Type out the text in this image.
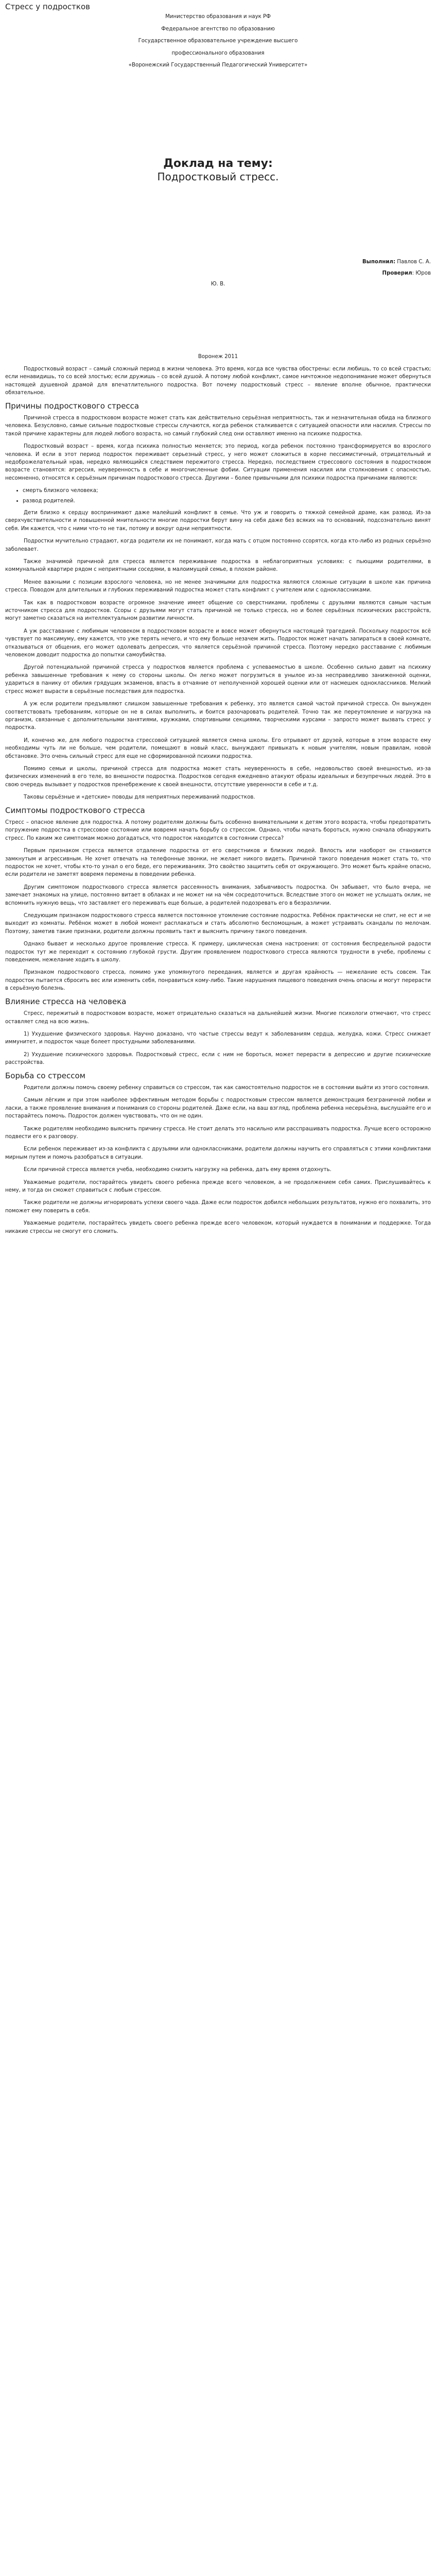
Стресс у подростков

Министерство образования и наук РФ

Федеральное агентство по образованию

Государственное образовательное учреждение высшего

профессионального образования

«Воронежский Государственный Педагогический Университет»

Доклад на тему:
Подростковый стресс.
Выполнил: Павлов С. А.
Проверил: Юров
Ю. В.
Воронеж 2011

Подростковый возраст – самый сложный период в жизни человека. Это время, когда все чувства обострены: если любишь, то со всей страстью; если ненавидишь, то со всей злостью; если дружишь – со всей душой. А потому любой конфликт, самое ничтожное недопонимание может обернуться настоящей душевной драмой для впечатлительного подростка. Вот почему подростковый стресс – явление вполне обычное, практически обязательное.

Причины подросткового стресса

Причиной стресса в подростковом возрасте может стать как действительно серьёзная неприятность, так и незначительная обида на близкого человека. Безусловно, самые сильные подростковые стрессы случаются, когда ребенок сталкивается с ситуацией опасности или насилия. Стрессы по такой причине характерны для людей любого возраста, но самый глубокий след они оставляют именно на психике подростка.

Подростковый возраст – время, когда психика полностью меняется; это период, когда ребенок постоянно трансформируется во взрослого человека. И если в этот период подросток переживает серьезный стресс, у него может сложиться в корне пессимистичный, отрицательный и недоброжелательный нрав, нередко являющийся следствием пережитого стресса. Нередко, последствием стрессового состояния в подростковом возрасте становятся: агрессия, неуверенность в себе и многочисленные фобии. Ситуации применения насилия или столкновения с опасностью, несомненно, относятся к серьёзным причинам подросткового стресса. Другими – более привычными для психики подростка причинами являются:

• смерть близкого человека;
• развод родителей.

Дети близко к сердцу воспринимают даже малейший конфликт в семье. Что уж и говорить о тяжкой семейной драме, как развод. Из-за сверхчувствительности и повышенной мнительности многие подростки берут вину на себя даже без всяких на то оснований, подсознательно винят себя. Им кажется, что с ними что-то не так, потому и вокруг одни неприятности.

Подростки мучительно страдают, когда родители их не понимают, когда мать с отцом постоянно ссорятся, когда кто-либо из родных серьёзно заболевает.

Также значимой причиной для стресса является переживание подростка в неблагоприятных условиях: с пьющими родителями, в коммунальной квартире рядом с неприятными соседями, в малоимущей семье, в плохом районе.

Менее важными с позиции взрослого человека, но не менее значимыми для подростка являются сложные ситуации в школе как причина стресса. Поводом для длительных и глубоких переживаний подростка может стать конфликт с учителем или с одноклассниками.

Так как в подростковом возрасте огромное значение имеет общение со сверстниками, проблемы с друзьями являются самым частым источником стресса для подростков. Ссоры с друзьями могут стать причиной не только стресса, но и более серьёзных психических расстройств, могут заметно сказаться на интеллектуальном развитии личности.

А уж расставание с любимым человеком в подростковом возрасте и вовсе может обернуться настоящей трагедией. Поскольку подросток всё чувствует по максимуму, ему кажется, что уже терять нечего, и что ему больше незачем жить. Подросток может начать запираться в своей комнате, отказываться от общения, его может одолевать депрессия, что является серьёзной причиной стресса. Поэтому нередко расставание с любимым человеком доводит подростка до попытки самоубийства.

Другой потенциальной причиной стресса у подростков является проблема с успеваемостью в школе. Особенно сильно давит на психику ребенка завышенные требования к нему со стороны школы. Он легко может погрузиться в унылое из-за несправедливо заниженной оценки, удариться в панику от обилия грядущих экзаменов, впасть в отчаяние от неполученной хорошей оценки или от насмешек одноклассников. Мелкий стресс может вырасти в серьёзные последствия для подростка.

А уж если родители предъявляют слишком завышенные требования к ребенку, это является самой частой причиной стресса. Он вынужден соответствовать требованиям, которые он не в силах выполнить, и боится разочаровать родителей. Точно так же переутомление и нагрузка на организм, связанные с дополнительными занятиями, кружками, спортивными секциями, творческими курсами – запросто может вызвать стресс у подростка.

И, конечно же, для любого подростка стрессовой ситуацией является смена школы. Его отрывают от друзей, которые в этом возрасте ему необходимы чуть ли не больше, чем родители, помещают в новый класс, вынуждают привыкать к новым учителям, новым правилам, новой обстановке. Это очень сильный стресс для еще не сформированной психики подростка.

Помимо семьи и школы, причиной стресса для подростка может стать неуверенность в себе, недовольство своей внешностью, из-за физических изменений в его теле, во внешности подростка. Подростков сегодня ежедневно атакуют образы идеальных и безупречных людей. Это в свою очередь вызывает у подростков пренебрежение к своей внешности, отсутствие уверенности в себе и т.д.

Таковы серьёзные и «детские» поводы для неприятных переживаний подростков.

Симптомы подросткового стресса

Стресс – опасное явление для подростка. А потому родителям должны быть особенно внимательными к детям этого возраста, чтобы предотвратить погружение подростка в стрессовое состояние или вовремя начать борьбу со стрессом. Однако, чтобы начать бороться, нужно сначала обнаружить стресс. По каким же симптомам можно догадаться, что подросток находится в состоянии стресса?

Первым признаком стресса является отдаление подростка от его сверстников и близких людей. Вялость или наоборот он становится замкнутым и агрессивным. Не хочет отвечать на телефонные звонки, не желает никого видеть. Причиной такого поведения может стать то, что подросток не хочет, чтобы кто-то узнал о его беде, его переживаниях. Это свойство защитить себя от окружающего. Это может быть крайне опасно, если родители не заметят вовремя перемены в поведении ребенка.

Другим симптомом подросткового стресса является рассеянность внимания, забывчивость подростка. Он забывает, что было вчера, не замечает знакомых на улице, постоянно витает в облаках и не может ни на чём сосредоточиться. Вследствие этого он может не услышать оклик, не вспомнить нужную вещь, что заставляет его переживать еще больше, а родителей подозревать его в безразличии.

Следующим признаком подросткового стресса является постоянное утомление состояние подростка. Ребёнок практически не спит, не ест и не выходит из комнаты. Ребёнок может в любой момент расплакаться и стать абсолютно беспомощным, а может устраивать скандалы по мелочам. Поэтому, заметив такие признаки, родители должны проявить такт и выяснить причину такого поведения.

Однако бывает и несколько другое проявление стресса. К примеру, циклическая смена настроения: от состояния беспредельной радости подросток тут же переходит к состоянию глубокой грусти. Другим проявлением подросткового стресса являются трудности в учебе, проблемы с поведением, нежелание ходить в школу.

Признаком подросткового стресса, помимо уже упомянутого переедания, является и другая крайность — нежелание есть совсем. Так подросток пытается сбросить вес или изменить себя, понравиться кому-либо. Такие нарушения пищевого поведения очень опасны и могут перерасти в серьёзную болезнь.

Влияние стресса на человека

Стресс, пережитый в подростковом возрасте, может отрицательно сказаться на дальнейшей жизни. Многие психологи отмечают, что стресс оставляет след на всю жизнь.

1) Ухудшение физического здоровья. Научно доказано, что частые стрессы ведут к заболеваниям сердца, желудка, кожи. Стресс снижает иммунитет, и подросток чаще болеет простудными заболеваниями.

2) Ухудшение психического здоровья. Подростковый стресс, если с ним не бороться, может перерасти в депрессию и другие психические расстройства.

Борьба со стрессом

Родители должны помочь своему ребенку справиться со стрессом, так как самостоятельно подросток не в состоянии выйти из этого состояния.

Самым лёгким и при этом наиболее эффективным методом борьбы с подростковым стрессом является демонстрация безграничной любви и ласки, а также проявление внимания и понимания со стороны родителей. Даже если, на ваш взгляд, проблема ребенка несерьёзна, выслушайте его и постарайтесь помочь. Подросток должен чувствовать, что он не один.

Также родителям необходимо выяснить причину стресса. Не стоит делать это насильно или расспрашивать подростка. Лучше всего осторожно подвести его к разговору.

Если ребенок переживает из-за конфликта с друзьями или одноклассниками, родители должны научить его справляться с этими конфликтами мирным путем и помочь разобраться в ситуации.

Если причиной стресса является учеба, необходимо снизить нагрузку на ребенка, дать ему время отдохнуть.

Уважаемые родители, постарайтесь увидеть своего ребенка прежде всего человеком, а не продолжением себя самих. Прислушивайтесь к нему, и тогда он сможет справиться с любым стрессом.

Также родители не должны игнорировать успехи своего чада. Даже если подросток добился небольших результатов, нужно его похвалить, это поможет ему поверить в себя.

Уважаемые родители, постарайтесь увидеть своего ребенка прежде всего человеком, который нуждается в понимании и поддержке. Тогда никакие стрессы не смогут его сломить.
